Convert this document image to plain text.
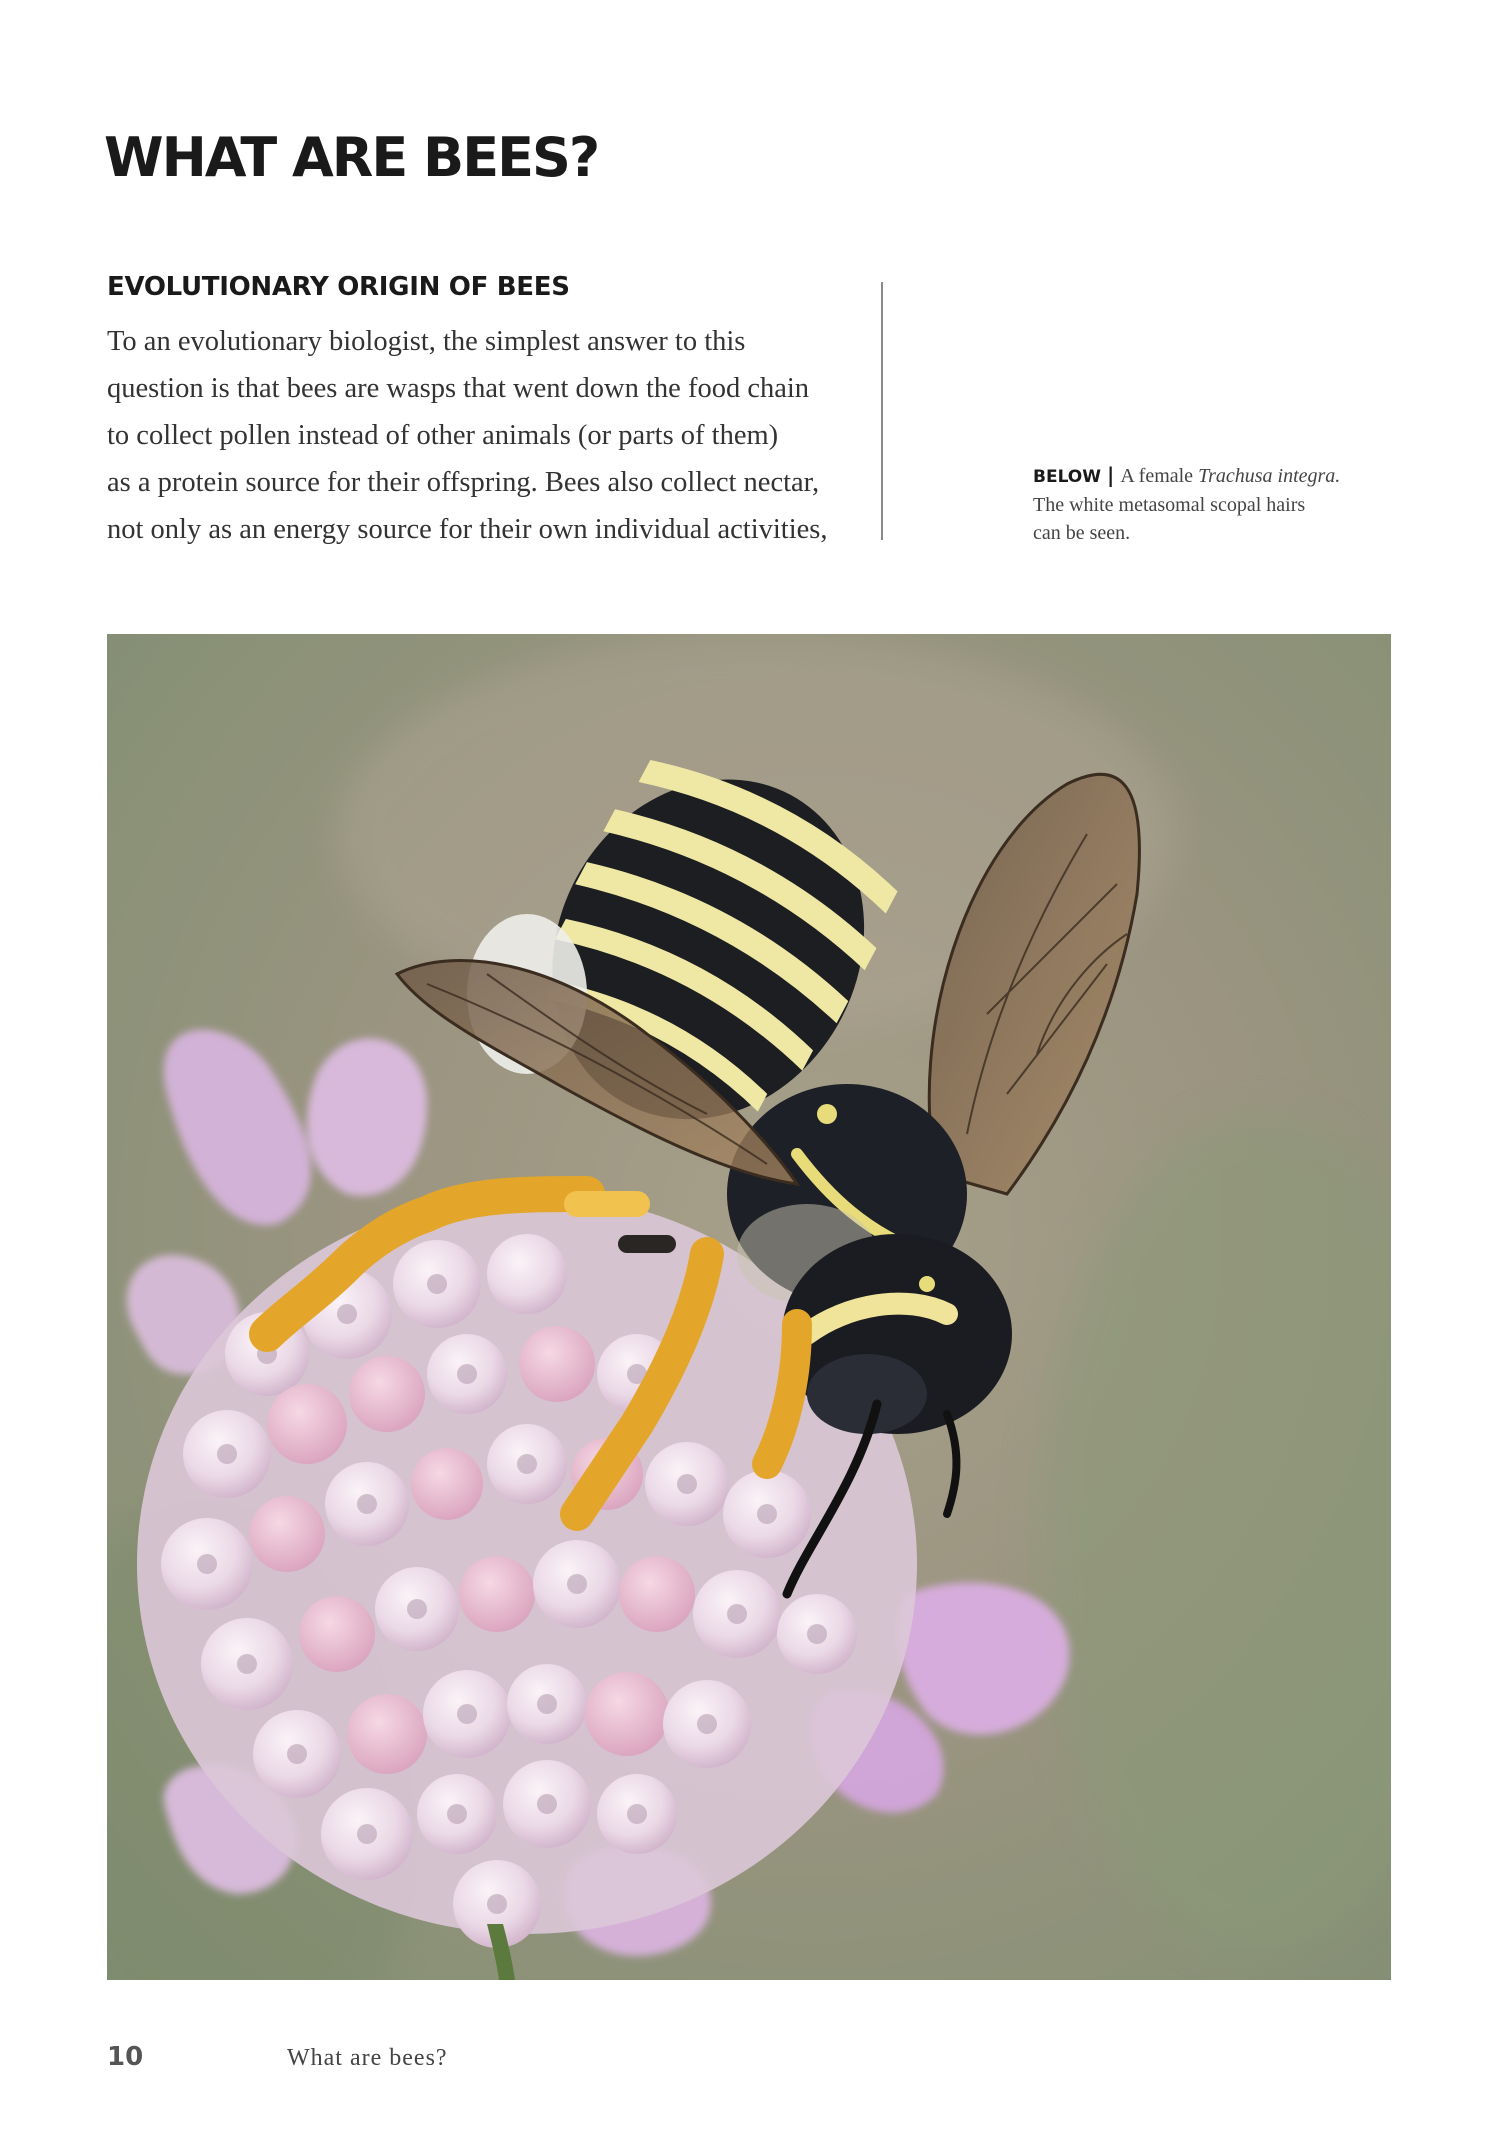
WHAT ARE BEES?
EVOLUTIONARY ORIGIN OF BEES
To an evolutionary biologist, the simplest answer to this
question is that bees are wasps that went down the food chain
to collect pollen instead of other animals (or parts of them)
as a protein source for their offspring. Bees also collect nectar,
not only as an energy source for their own individual activities,
BELOW | A female Trachusa integra.
The white metasomal scopal hairs
can be seen.
10	What are bees?
